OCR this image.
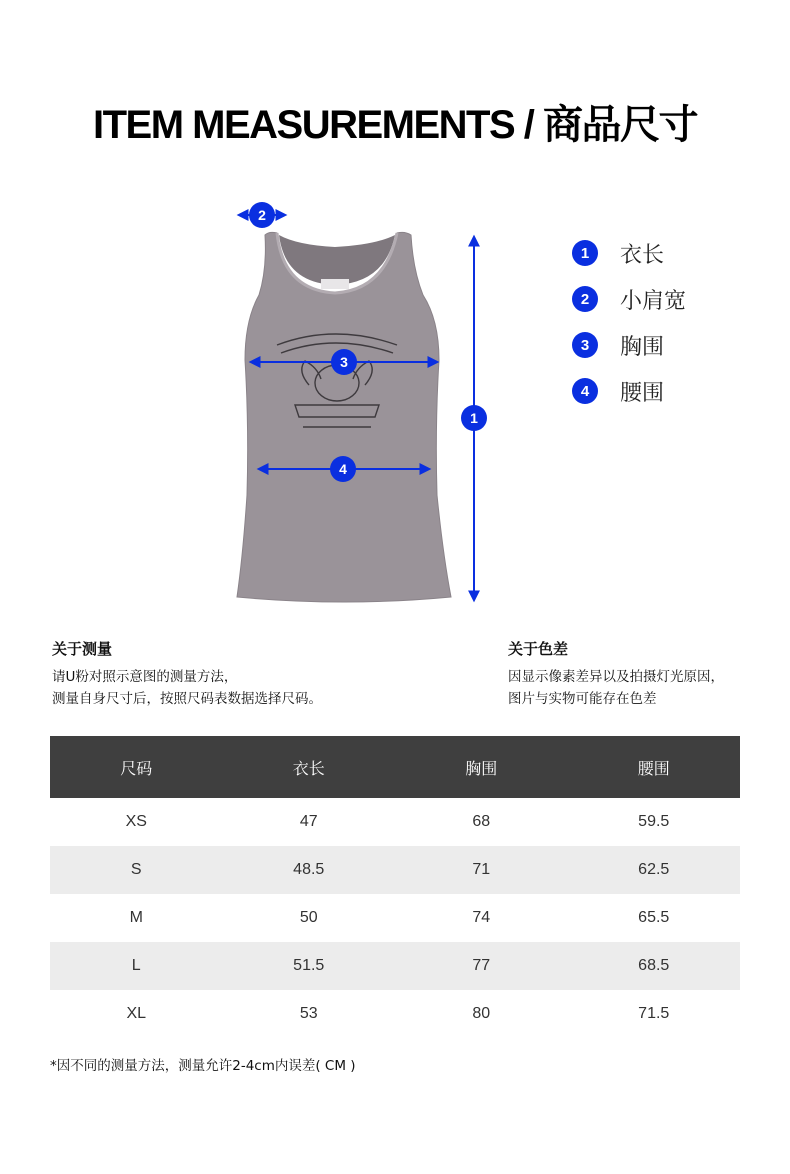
ITEM MEASUREMENTS / 商品尺寸
1
2
3
4
1	衣长
2	小肩宽
3	胸围
4	腰围
关于测量

请U粉对照示意图的测量方法，

测量自身尺寸后，按照尺码表数据选择尺码。

关于色差

因显示像素差异以及拍摄灯光原因，

图片与实物可能存在色差

尺码	衣长	胸围	腰围
XS	47	68	59.5
S	48.5	71	62.5
M	50	74	65.5
L	51.5	77	68.5
XL	53	80	71.5
*因不同的测量方法，测量允许2-4cm内误差( CM )
